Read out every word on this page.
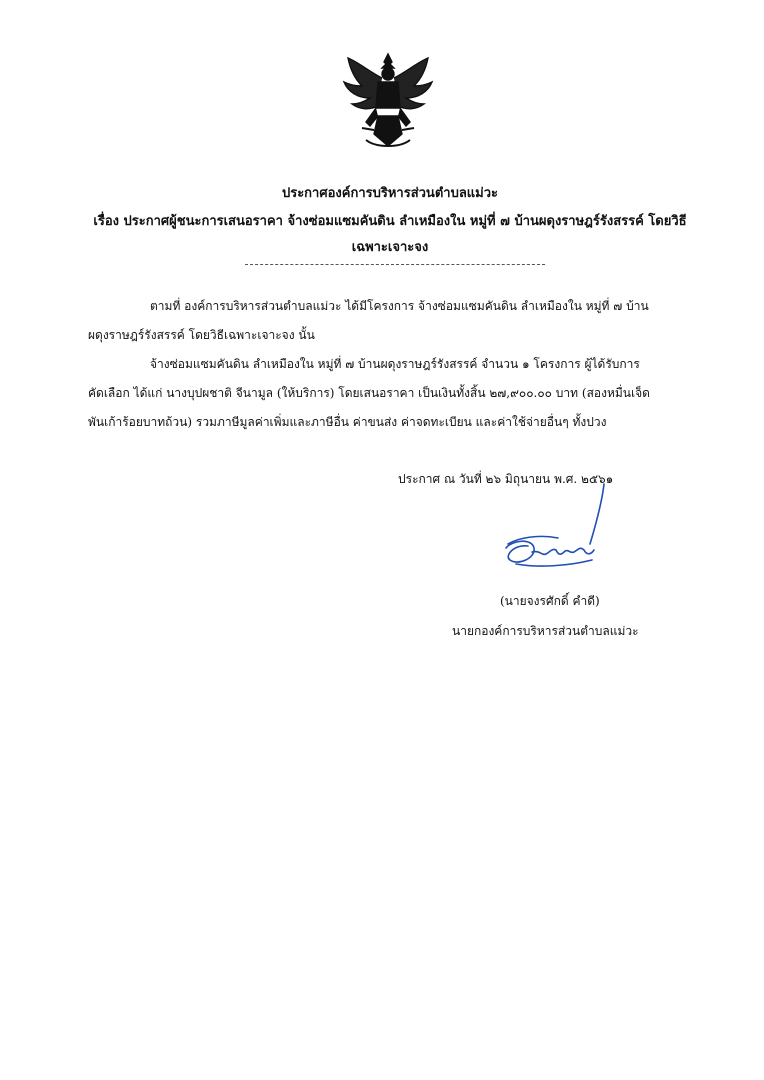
ประกาศองค์การบริหารส่วนตำบลแม่วะ
เรื่อง ประกาศผู้ชนะการเสนอราคา จ้างซ่อมแซมคันดิน ลำเหมืองใน หมู่ที่ ๗ บ้านผดุงราษฎร์รังสรรค์ โดยวิธี
เฉพาะเจาะจง
ตามที่ องค์การบริหารส่วนตำบลแม่วะ ได้มีโครงการ จ้างซ่อมแซมคันดิน ลำเหมืองใน หมู่ที่ ๗ บ้าน
ผดุงราษฎร์รังสรรค์ โดยวิธีเฉพาะเจาะจง นั้น
จ้างซ่อมแซมคันดิน ลำเหมืองใน หมู่ที่ ๗ บ้านผดุงราษฎร์รังสรรค์ จำนวน ๑ โครงการ ผู้ได้รับการ
คัดเลือก ได้แก่ นางบุปผชาติ จีนามูล (ให้บริการ) โดยเสนอราคา เป็นเงินทั้งสิ้น ๒๗,๙๐๐.๐๐ บาท (สองหมื่นเจ็ด
พันเก้าร้อยบาทถ้วน) รวมภาษีมูลค่าเพิ่มและภาษีอื่น ค่าขนส่ง ค่าจดทะเบียน และค่าใช้จ่ายอื่นๆ ทั้งปวง
ประกาศ ณ วันที่ ๒๖ มิถุนายน พ.ศ. ๒๕๖๑
(นายจงรศักดิ์ คำดี)
นายกองค์การบริหารส่วนตำบลแม่วะ
